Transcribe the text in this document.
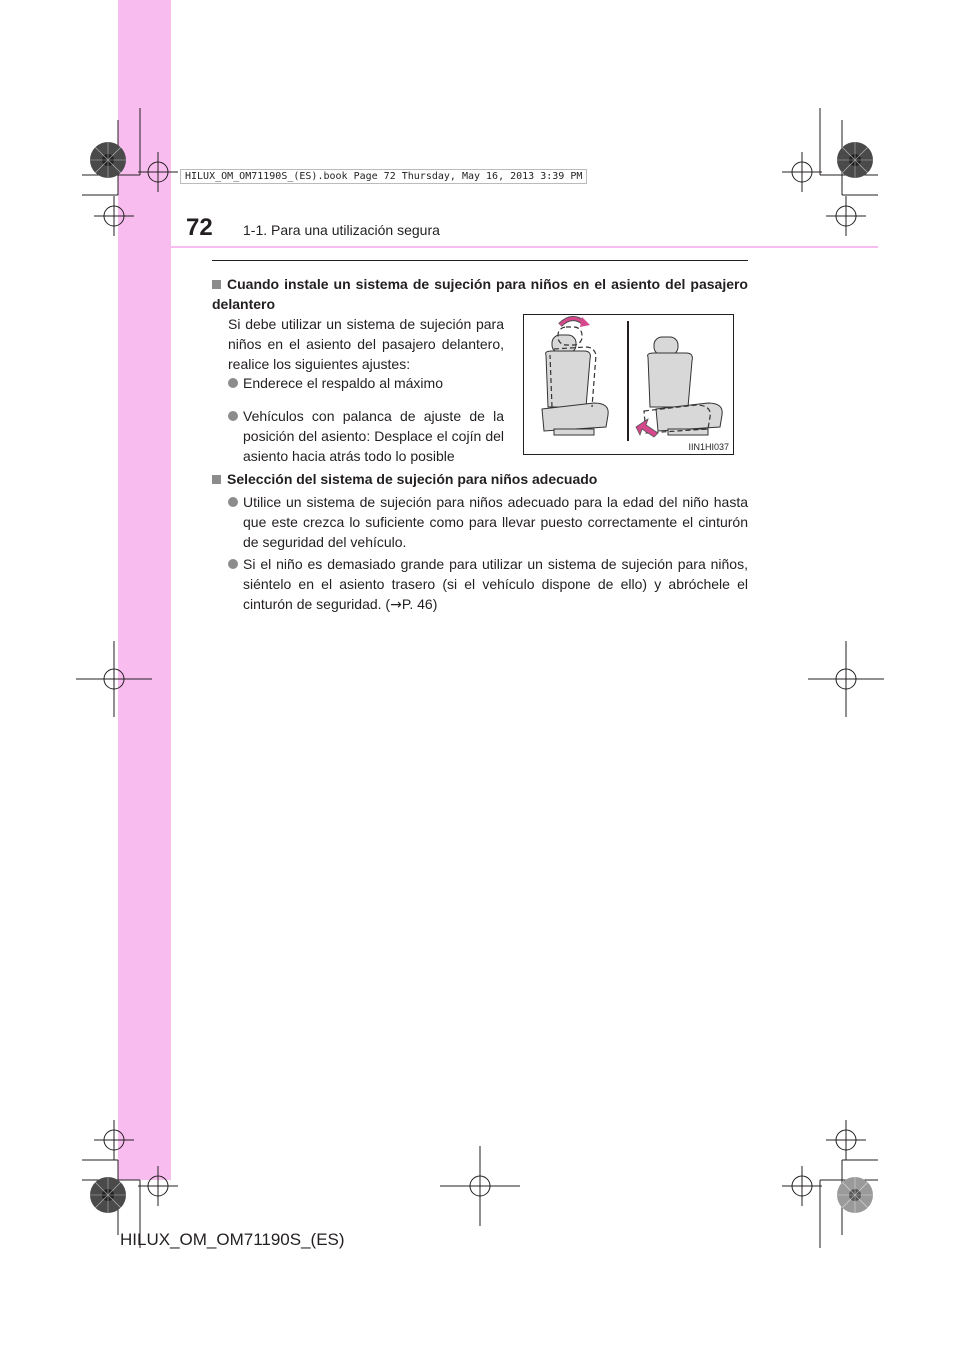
HILUX_OM_OM71190S_(ES).book Page 72 Thursday, May 16, 2013 3:39 PM
72 1-1. Para una utilización segura
Cuando instale un sistema de sujeción para niños en el asiento del pasajero delantero
Si debe utilizar un sistema de sujeción para niños en el asiento del pasajero delantero, realice los siguientes ajustes:
Enderece el respaldo al máximo
Vehículos con palanca de ajuste de la posición del asiento: Desplace el cojín del asiento hacia atrás todo lo posible
IIN1HI037
Selección del sistema de sujeción para niños adecuado
Utilice un sistema de sujeción para niños adecuado para la edad del niño hasta que este crezca lo suficiente como para llevar puesto correctamente el cinturón de seguridad del vehículo.
Si el niño es demasiado grande para utilizar un sistema de sujeción para niños, siéntelo en el asiento trasero (si el vehículo dispone de ello) y abróchele el cinturón de seguridad. (→P. 46)
HILUX_OM_OM71190S_(ES)
